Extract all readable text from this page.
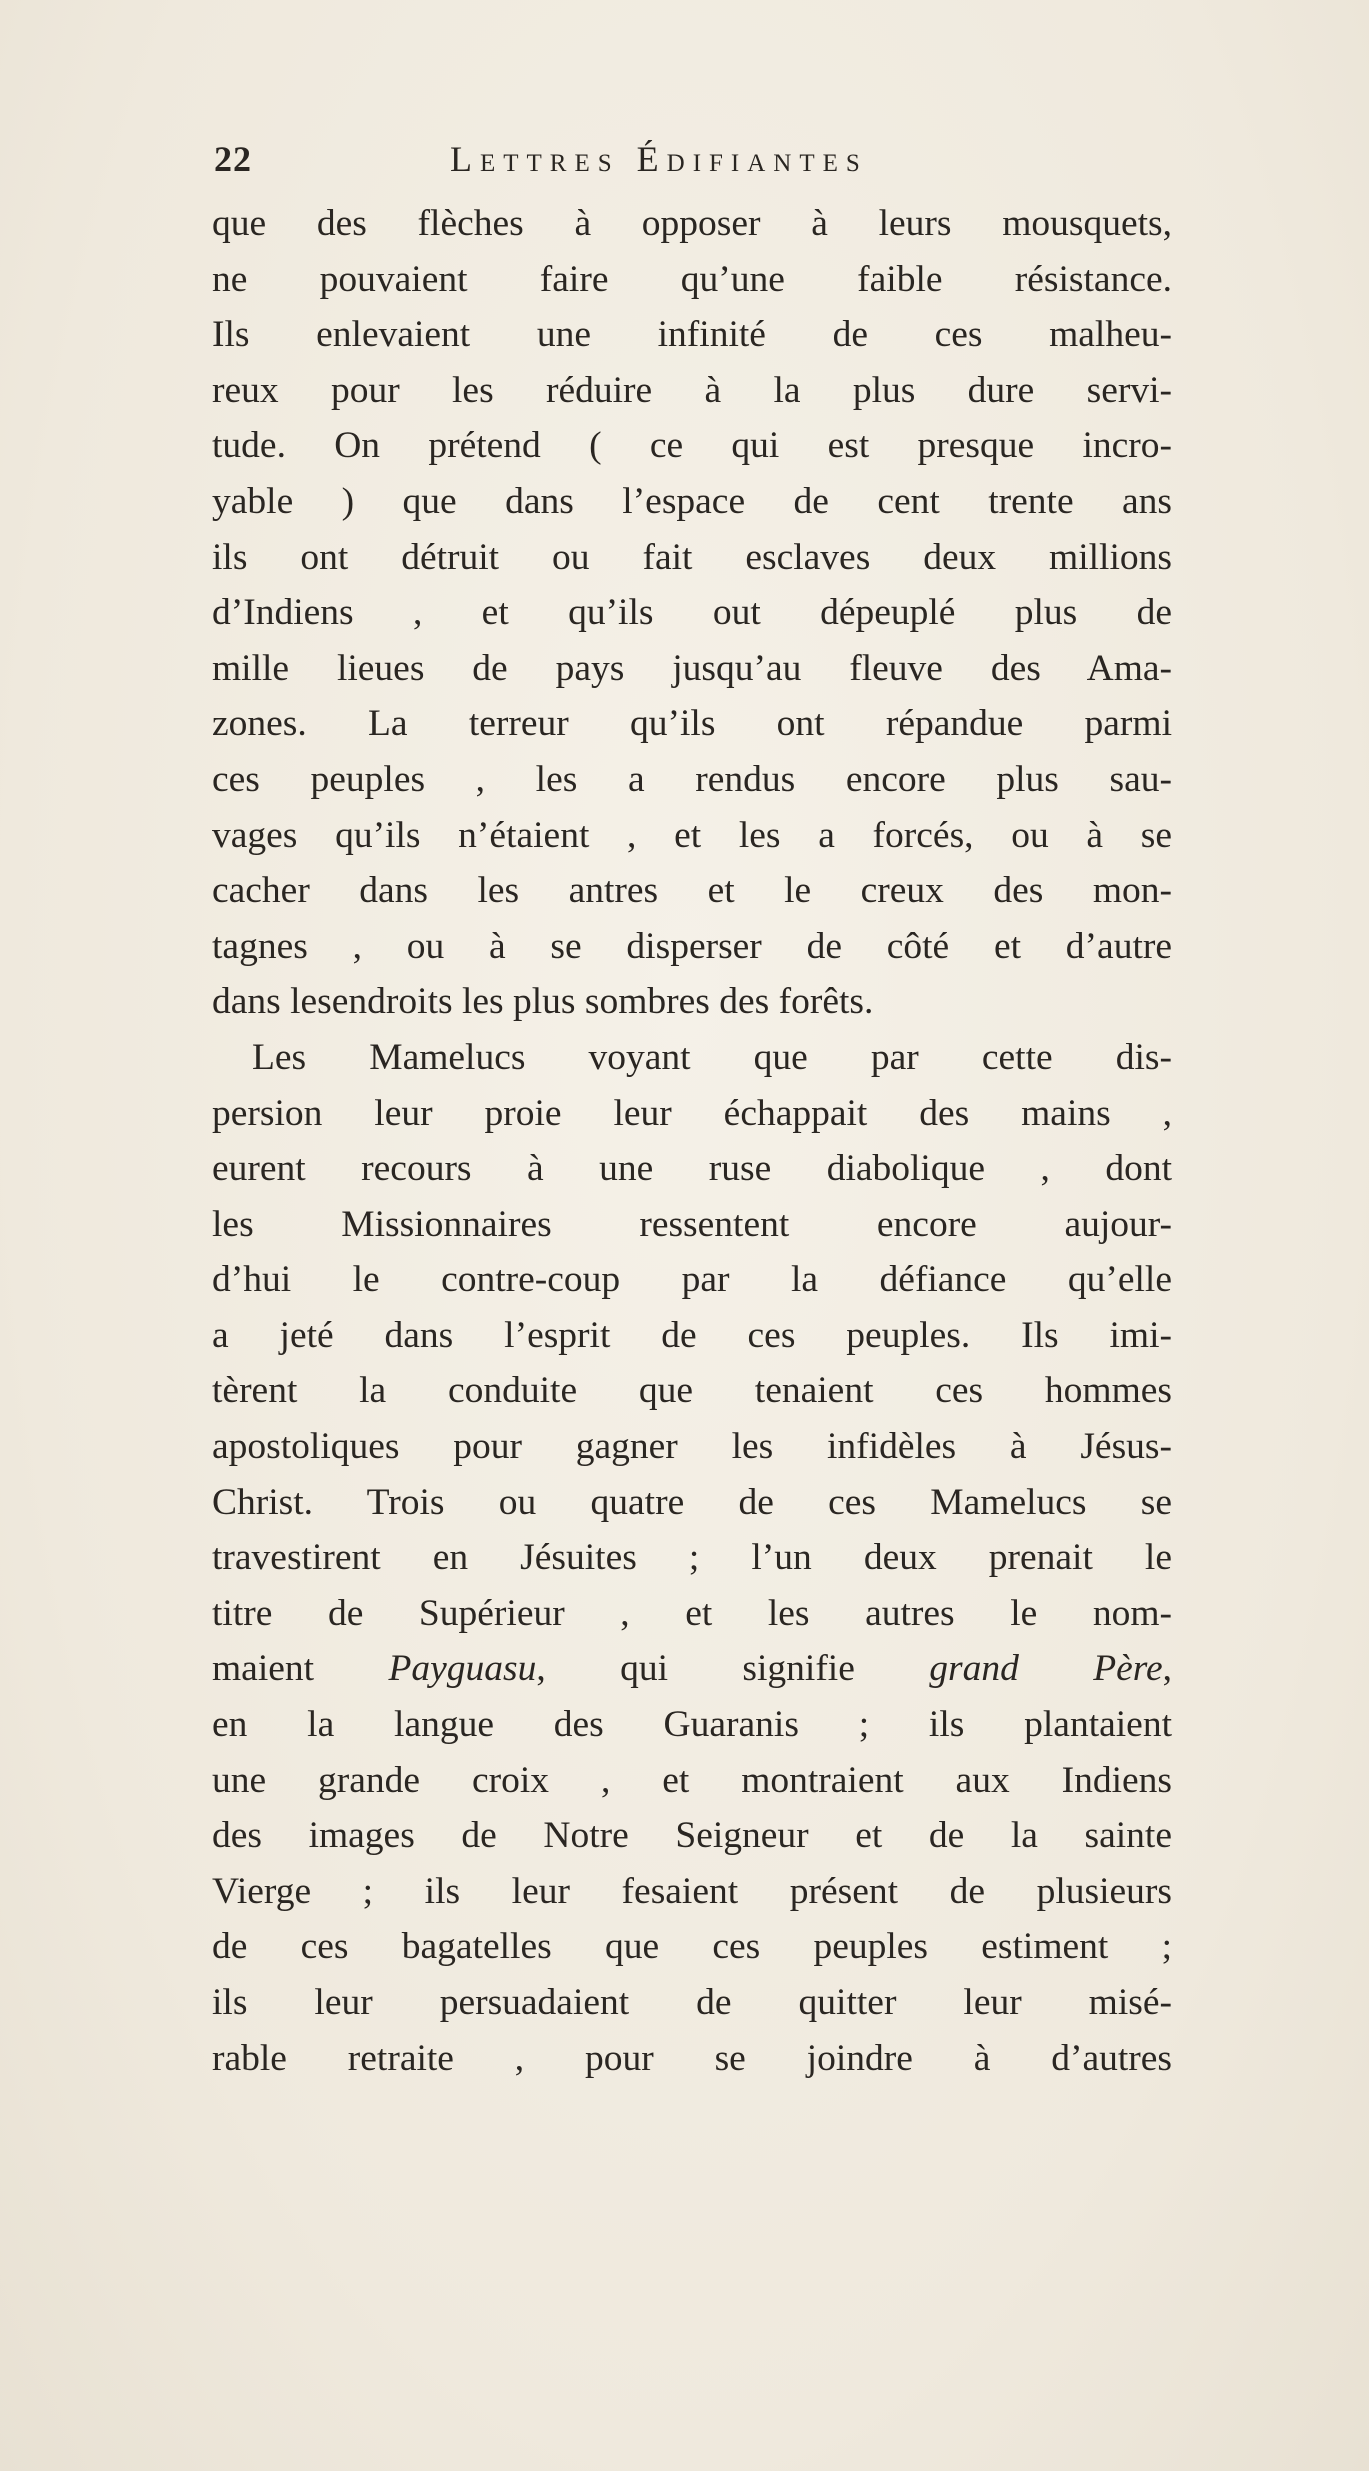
22	Lettres Édifiantes
que des flèches à opposer à leurs mousquets,
ne pouvaient faire qu’une faible résistance.
Ils enlevaient une infinité de ces malheu-
reux pour les réduire à la plus dure servi-
tude. On prétend ( ce qui est presque incro-
yable ) que dans l’espace de cent trente ans
ils ont détruit ou fait esclaves deux millions
d’Indiens , et qu’ils out dépeuplé plus de
mille lieues de pays jusqu’au fleuve des Ama-
zones. La terreur qu’ils ont répandue parmi
ces peuples , les a rendus encore plus sau-
vages qu’ils n’étaient , et les a forcés, ou à se
cacher dans les antres et le creux des mon-
tagnes , ou à se disperser de côté et d’autre
dans lesendroits les plus sombres des forêts.
Les Mamelucs voyant que par cette dis-
persion leur proie leur échappait des mains ,
eurent recours à une ruse diabolique , dont
les Missionnaires ressentent encore aujour-
d’hui le contre-coup par la défiance qu’elle
a jeté dans l’esprit de ces peuples. Ils imi-
tèrent la conduite que tenaient ces hommes
apostoliques pour gagner les infidèles à Jésus-
Christ. Trois ou quatre de ces Mamelucs se
travestirent en Jésuites ; l’un deux prenait le
titre de Supérieur , et les autres le nom-
maient Payguasu, qui signifie grand Père,
en la langue des Guaranis ; ils plantaient
une grande croix , et montraient aux Indiens
des images de Notre Seigneur et de la sainte
Vierge ; ils leur fesaient présent de plusieurs
de ces bagatelles que ces peuples estiment ;
ils leur persuadaient de quitter leur misé-
rable retraite , pour se joindre à d’autres
